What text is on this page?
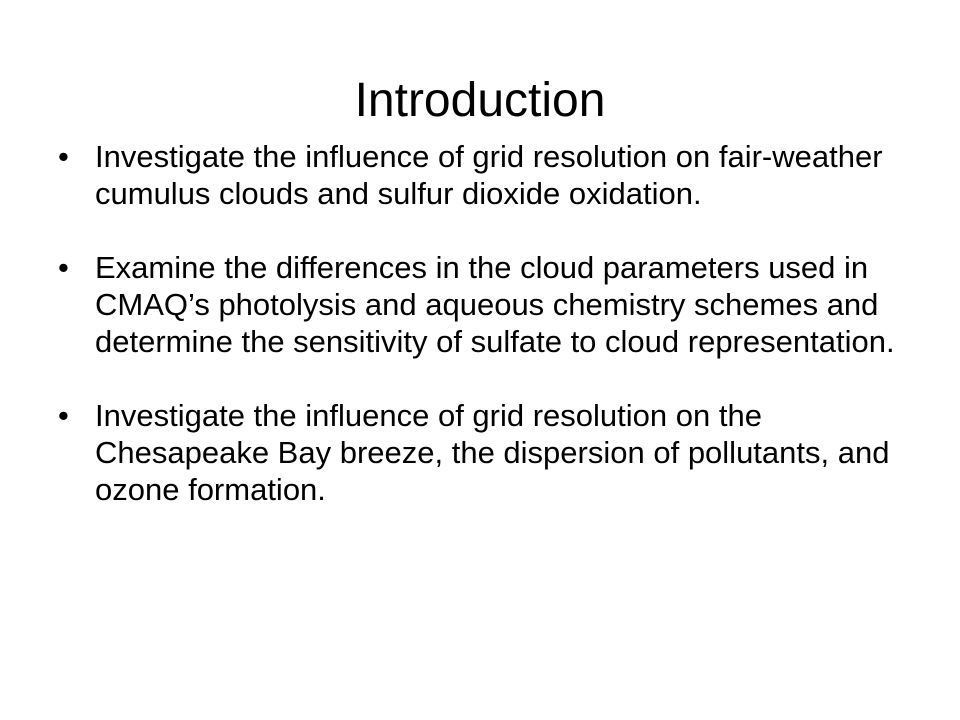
Introduction
• Investigate the influence of grid resolution on fair-weather cumulus clouds and sulfur dioxide oxidation.
• Examine the differences in the cloud parameters used in CMAQ’s photolysis and aqueous chemistry schemes and determine the sensitivity of sulfate to cloud representation.
• Investigate the influence of grid resolution on the Chesapeake Bay breeze, the dispersion of pollutants, and ozone formation.
